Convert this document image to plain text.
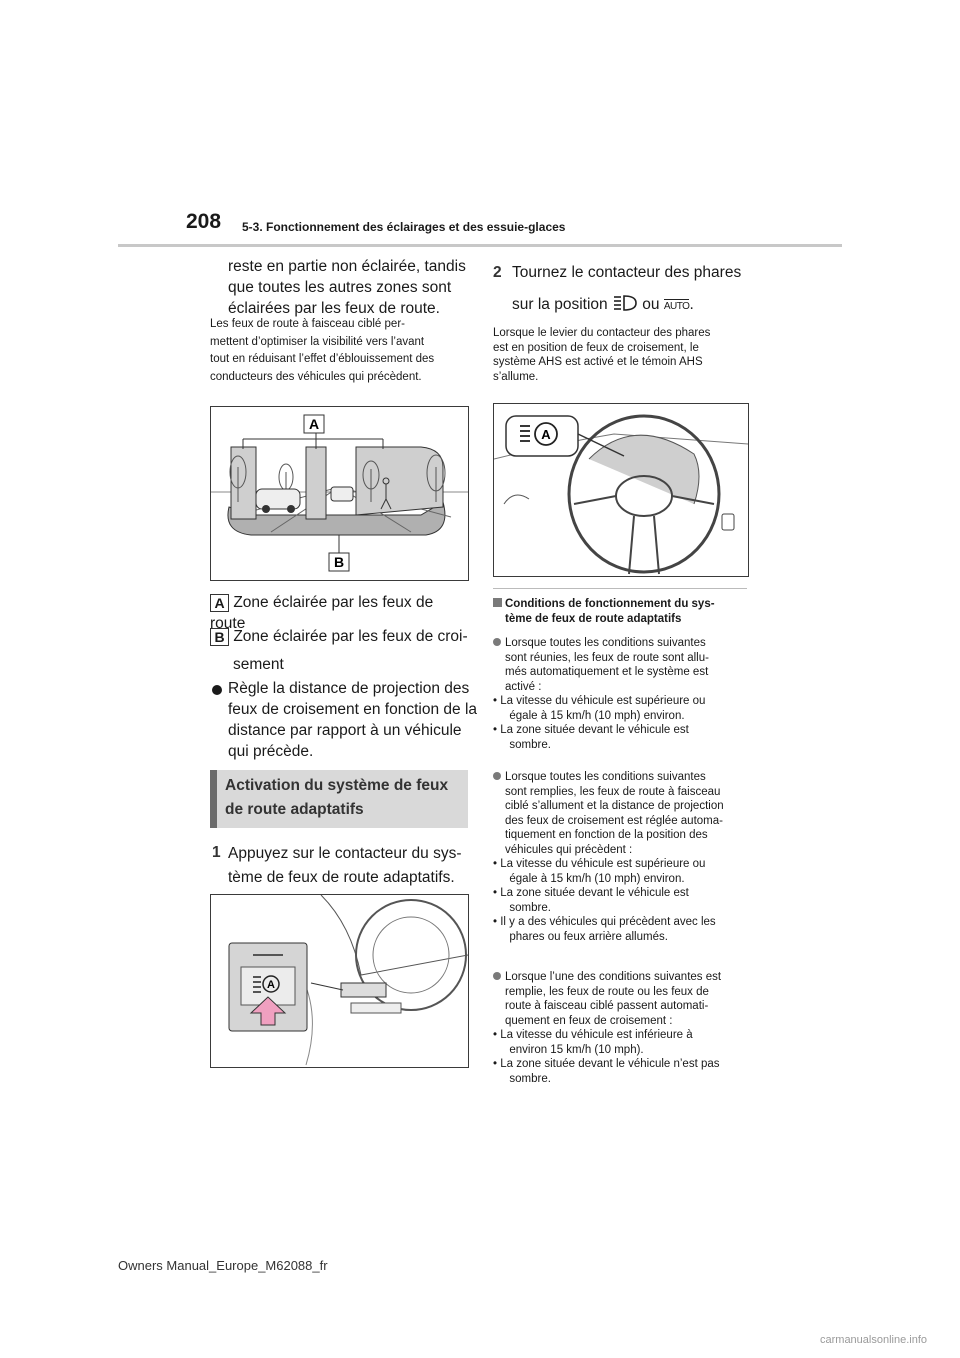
208 5-3. Fonctionnement des éclairages et des essuie-glaces
reste en partie non éclairée, tandis
que toutes les autres zones sont
éclairées par les feux de route.
Les feux de route à faisceau ciblé per-
mettent d’optimiser la visibilité vers l’avant
tout en réduisant l’effet d’éblouissement des
conducteurs des véhicules qui précèdent.
A
B
A Zone éclairée par les feux de route
B Zone éclairée par les feux de croi-
sement
Règle la distance de projection des
feux de croisement en fonction de la
distance par rapport à un véhicule
qui précède.
Activation du système de feux
de route adaptatifs
1 Appuyez sur le contacteur du sys-
tème de feux de route adaptatifs.
A
2 Tournez le contacteur des phares
sur la position ou AUTO.
Lorsque le levier du contacteur des phares
est en position de feux de croisement, le
système AHS est activé et le témoin AHS
s’allume.
A
Conditions de fonctionnement du sys-
tème de feux de route adaptatifs
Lorsque toutes les conditions suivantes
sont réunies, les feux de route sont allu-
més automatiquement et le système est
activé :
• La vitesse du véhicule est supérieure ou
égale à 15 km/h (10 mph) environ.
• La zone située devant le véhicule est
sombre.
Lorsque toutes les conditions suivantes
sont remplies, les feux de route à faisceau
ciblé s’allument et la distance de projection
des feux de croisement est réglée automa-
tiquement en fonction de la position des
véhicules qui précèdent :
• La vitesse du véhicule est supérieure ou
égale à 15 km/h (10 mph) environ.
• La zone située devant le véhicule est
sombre.
• Il y a des véhicules qui précèdent avec les
phares ou feux arrière allumés.
Lorsque l’une des conditions suivantes est
remplie, les feux de route ou les feux de
route à faisceau ciblé passent automati-
quement en feux de croisement :
• La vitesse du véhicule est inférieure à
environ 15 km/h (10 mph).
• La zone située devant le véhicule n’est pas
sombre.
Owners Manual_Europe_M62088_fr
carmanualsonline.info
